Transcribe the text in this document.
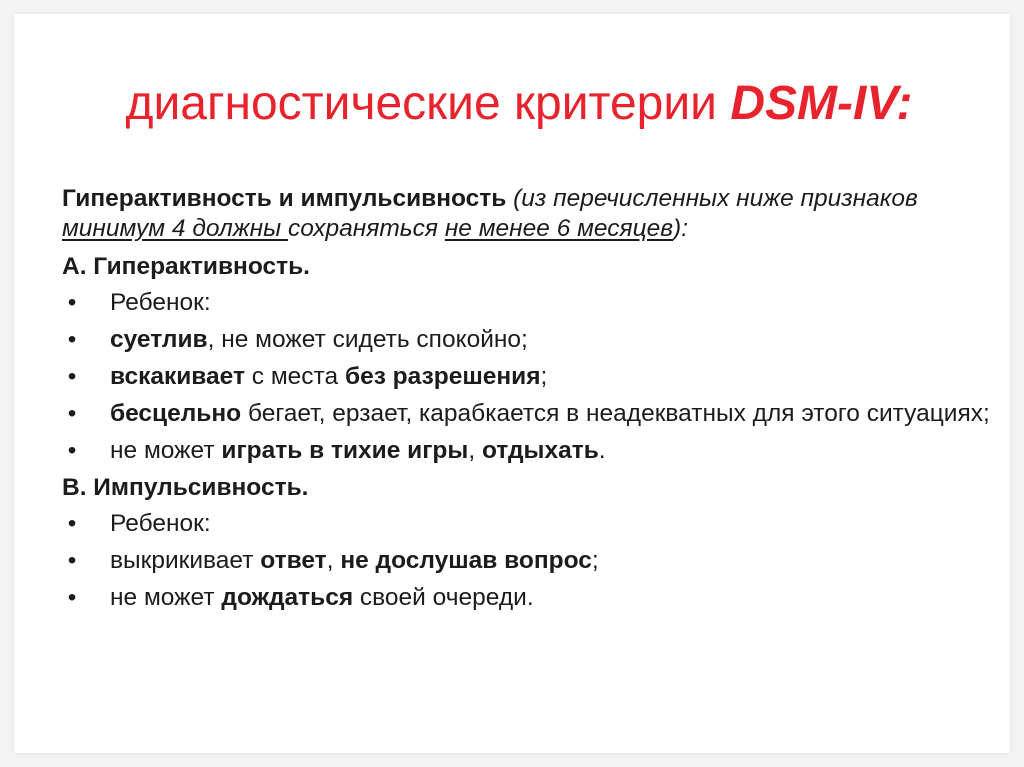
диагностические критерии DSM-IV:

Гиперактивность и импульсивность (из перечисленных ниже признаков минимум 4 должны сохраняться не менее 6 месяцев):

А. Гиперактивность.
• Ребенок:
• суетлив, не может сидеть спокойно;
• вскакивает с места без разрешения;
• бесцельно бегает, ерзает, карабкается в неадекватных для этого ситуациях;
• не может играть в тихие игры, отдыхать.
В. Импульсивность.
• Ребенок:
• выкрикивает ответ, не дослушав вопрос;
• не может дождаться своей очереди.
